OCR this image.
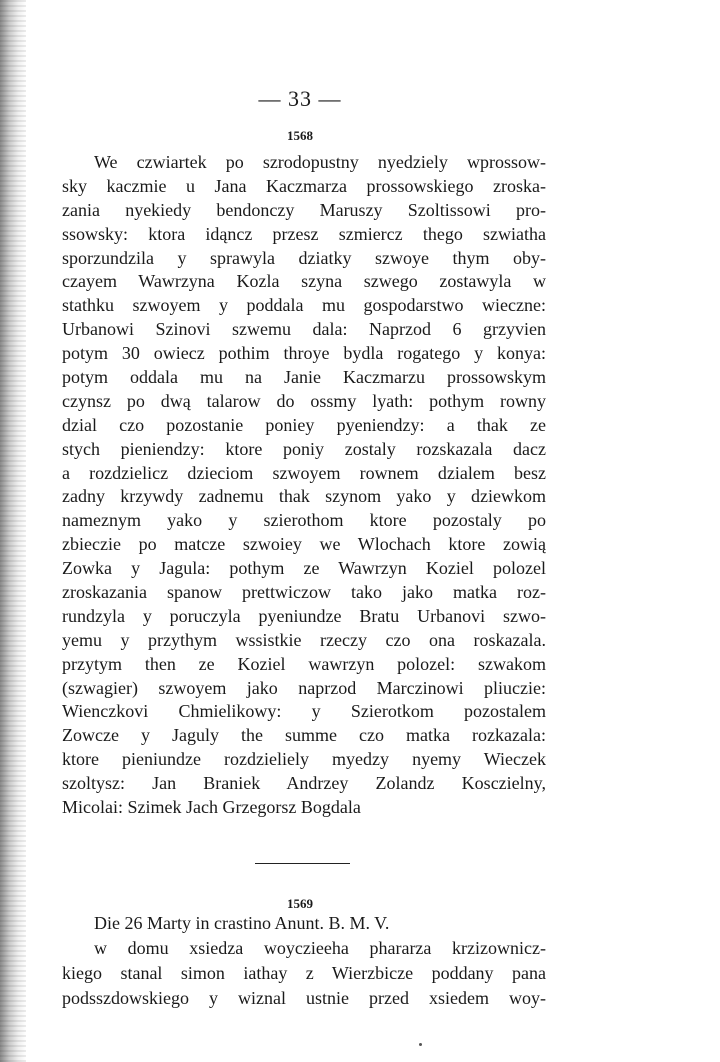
— 33 —
1568
We czwiartek po szrodopustny nyedziely wprossow-
sky kaczmie u Jana Kaczmarza prossowskiego zroska-
zania nyekiedy bendonczy Maruszy Szoltissowi pro-
ssowsky: ktora idąncz przesz szmiercz thego szwiatha
sporzundzila y sprawyla dziatky szwoye thym oby-
czayem Wawrzyna Kozla szyna szwego zostawyla w
stathku szwoyem y poddala mu gospodarstwo wieczne:
Urbanowi Szinovi szwemu dala: Naprzod 6 grzyvien
potym 30 owiecz pothim throye bydla rogatego y konya:
potym oddala mu na Janie Kaczmarzu prossowskym
czynsz po dwą talarow do ossmy lyath: pothym rowny
dzial czo pozostanie poniey pyeniendzy: a thak ze
stych pieniendzy: ktore poniy zostaly rozskazala dacz
a rozdzielicz dzieciom szwoyem rownem dzialem besz
zadny krzywdy zadnemu thak szynom yako y dziewkom
nameznym yako y szierothom ktore pozostaly po
zbieczie po matcze szwoiey we Wlochach ktore zowią
Zowka y Jagula: pothym ze Wawrzyn Koziel polozel
zroskazania spanow prettwiczow tako jako matka roz-
rundzyla y poruczyla pyeniundze Bratu Urbanovi szwo-
yemu y przythym wssistkie rzeczy czo ona roskazala.
przytym then ze Koziel wawrzyn polozel: szwakom
(szwagier) szwoyem jako naprzod Marczinowi pliuczie:
Wienczkovi Chmielikowy: y Szierotkom pozostalem
Zowcze y Jaguly the summe czo matka rozkazala:
ktore pieniundze rozdzieliely myedzy nyemy Wieczek
szoltysz: Jan Braniek Andrzey Zolandz Kosczielny,
Micolai: Szimek Jach Grzegorsz Bogdala
1569
Die 26 Marty in crastino Anunt. B. M. V.
w domu xsiedza woyczieeha phararza krzizownicz-
kiego stanal simon iathay z Wierzbicze poddany pana
podsszdowskiego y wiznal ustnie przed xsiedem woy-
